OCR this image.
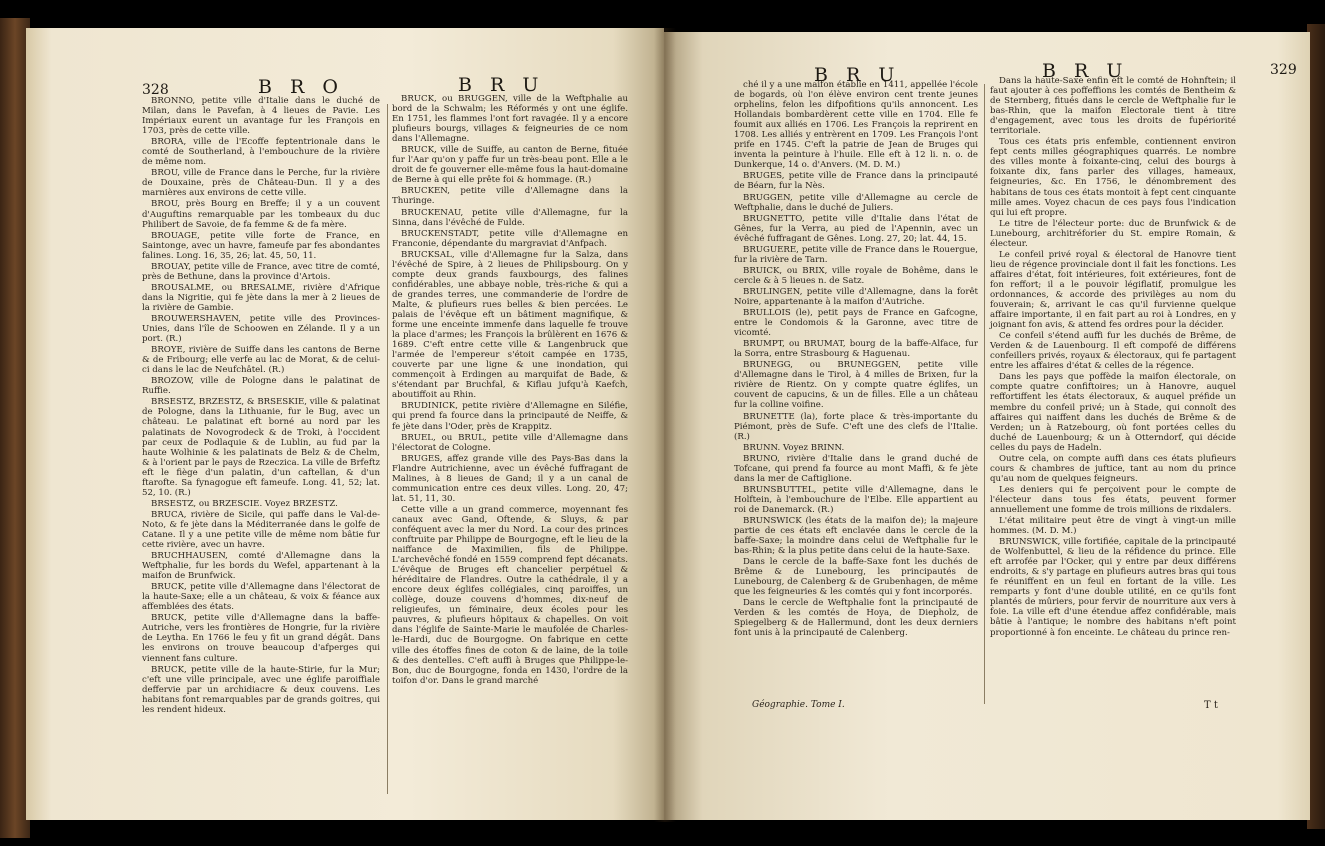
328	B R O	B R U

BRONNO, petite ville d'Italie dans le duché de Milan, dans le Pavefan, à 4 lieues de Pavie. Les Impériaux eurent un avantage fur les François en 1703, près de cette ville.

BRORA, ville de l'Ecoffe feptentrionale dans le comté de Southerland, à l'embouchure de la rivière de même nom.

BROU, ville de France dans le Perche, fur la rivière de Douxaine, près de Château-Dun. Il y a des marnières aux environs de cette ville.

BROU, près Bourg en Breffe; il y a un couvent d'Auguftins remarquable par les tombeaux du duc Philibert de Savoie, de fa femme & de fa mère.

BROUAGE, petite ville forte de France, en Saintonge, avec un havre, fameufe par fes abondantes falines. Long. 16, 35, 26; lat. 45, 50, 11.

BROUAY, petite ville de France, avec titre de comté, près de Bethune, dans la province d'Artois.

BROUSALME, ou BRESALME, rivière d'Afrique dans la Nigritie, qui fe jète dans la mer à 2 lieues de la rivière de Gambie.

BROUWERSHAVEN, petite ville des Provinces-Unies, dans l'île de Schoowen en Zélande. Il y a un port. (R.)

BROYE, rivière de Suiffe dans les cantons de Berne & de Fribourg; elle verfe au lac de Morat, & de celui-ci dans le lac de Neufchâtel. (R.)

BROZOW, ville de Pologne dans le palatinat de Ruffie.

BRSESTZ, BRZESTZ, & BRSESKIE, ville & palatinat de Pologne, dans la Lithuanie, fur le Bug, avec un château. Le palatinat eft borné au nord par les palatinats de Novogrodeck & de Troki, à l'occident par ceux de Podlaquie & de Lublin, au fud par la haute Wolhinie & les palatinats de Belz & de Chelm, & à l'orient par le pays de Rzeczica. La ville de Brfeftz eft le fiège d'un palatin, d'un caftellan, & d'un ftarofte. Sa fynagogue eft fameufe. Long. 41, 52; lat. 52, 10. (R.)

BRSESTZ, ou BRZESCIE. Voyez BRZESTZ.

BRUCA, rivière de Sicile, qui paffe dans le Val-de-Noto, & fe jète dans la Méditerranée dans le golfe de Catane. Il y a une petite ville de même nom bâtie fur cette rivière, avec un havre.

BRUCHHAUSEN, comté d'Allemagne dans la Weftphalie, fur les bords du Wefel, appartenant à la maifon de Brunfwick.

BRUCK, petite ville d'Allemagne dans l'électorat de la haute-Saxe; elle a un château, & voix & féance aux affemblées des états.

BRUCK, petite ville d'Allemagne dans la baffe-Autriche, vers les frontières de Hongrie, fur la rivière de Leytha. En 1766 le feu y fit un grand dégât. Dans les environs on trouve beaucoup d'afperges qui viennent fans culture.

BRUCK, petite ville de la haute-Stirie, fur la Mur; c'eft une ville principale, avec une églife paroiffiale deffervie par un archidiacre & deux couvens. Les habitans font remarquables par de grands goitres, qui les rendent hideux.

BRUCK, ou BRUGGEN, ville de la Weftphalie au bord de la Schwalm; les Réformés y ont une églife. En 1751, les flammes l'ont fort ravagée. Il y a encore plufieurs bourgs, villages & feigneuries de ce nom dans l'Allemagne.

BRUCK, ville de Suiffe, au canton de Berne, fituée fur l'Aar qu'on y paffe fur un très-beau pont. Elle a le droit de fe gouverner elle-même fous la haut-domaine de Berne à qui elle prête foi & hommage. (R.)

BRUCKEN, petite ville d'Allemagne dans la Thuringe.

BRUCKENAU, petite ville d'Allemagne, fur la Sinna, dans l'évêché de Fulde.

BRUCKENSTADT, petite ville d'Allemagne en Franconie, dépendante du margraviat d'Anfpach.

BRUCKSAL, ville d'Allemagne fur la Salza, dans l'évêché de Spire, à 2 lieues de Philipsbourg. On y compte deux grands fauxbourgs, des falines confidérables, une abbaye noble, très-riche & qui a de grandes terres, une commanderie de l'ordre de Malte, & plufieurs rues belles & bien percées. Le palais de l'évêque eft un bâtiment magnifique, & forme une enceinte immenfe dans laquelle fe trouve la place d'armes; les François la brûlèrent en 1676 & 1689. C'eft entre cette ville & Langenbruck que l'armée de l'empereur s'étoit campée en 1735, couverte par une ligne & une inondation, qui commençoit à Erdingen au marquifat de Bade, & s'étendant par Bruchfal, & Kiflau jufqu'à Kaefch, aboutiffoit au Rhin.

BRUDINICK, petite rivière d'Allemagne en Siléfie, qui prend fa fource dans la principauté de Neiffe, & fe jète dans l'Oder, près de Krappitz.

BRUEL, ou BRUL, petite ville d'Allemagne dans l'électorat de Cologne.

BRUGES, affez grande ville des Pays-Bas dans la Flandre Autrichienne, avec un évêché fuffragant de Malines, à 8 lieues de Gand; il y a un canal de communication entre ces deux villes. Long. 20, 47; lat. 51, 11, 30.

Cette ville a un grand commerce, moyennant fes canaux avec Gand, Oftende, & Sluys, & par conféquent avec la mer du Nord. La cour des princes conftruite par Philippe de Bourgogne, eft le lieu de la naiffance de Maximilien, fils de Philippe. L'archevêché fondé en 1559 comprend fept décanats. L'évêque de Bruges eft chancelier perpétuel & héréditaire de Flandres. Outre la cathédrale, il y a encore deux églifes collégiales, cinq paroiffes, un collège, douze couvens d'hommes, dix-neuf de religieufes, un féminaire, deux écoles pour les pauvres, & plufieurs hôpitaux & chapelles. On voit dans l'églife de Sainte-Marie le maufolée de Charles-le-Hardi, duc de Bourgogne. On fabrique en cette ville des étoffes fines de coton & de laine, de la toile & des dentelles. C'eft auffi à Bruges que Philippe-le-Bon, duc de Bourgogne, fonda en 1430, l'ordre de la toifon d'or. Dans le grand marché

B R U	B R U	329

ché il y a une maifon établie en 1411, appellée l'école de bogards, où l'on élève environ cent trente jeunes orphelins, felon les difpofitions qu'ils annoncent. Les Hollandais bombardèrent cette ville en 1704. Elle fe foumit aux alliés en 1706. Les François la reprirent en 1708. Les alliés y entrèrent en 1709. Les François l'ont prife en 1745. C'eft la patrie de Jean de Bruges qui inventa la peinture à l'huile. Elle eft à 12 li. n. o. de Dunkerque, 14 o. d'Anvers. (M. D. M.)

BRUGES, petite ville de France dans la principauté de Béarn, fur la Nès.

BRUGGEN, petite ville d'Allemagne au cercle de Weftphalie, dans le duché de Juliers.

BRUGNETTO, petite ville d'Italie dans l'état de Gênes, fur la Verra, au pied de l'Apennin, avec un évêché fuffragant de Gênes. Long. 27, 20; lat. 44, 15.

BRUGUERE, petite ville de France dans le Rouergue, fur la rivière de Tarn.

BRUICK, ou BRIX, ville royale de Bohême, dans le cercle & à 5 lieues n. de Satz.

BRULINGEN, petite ville d'Allemagne, dans la forêt Noire, appartenante à la maifon d'Autriche.

BRULLOIS (le), petit pays de France en Gafcogne, entre le Condomois & la Garonne, avec titre de vicomté.

BRUMPT, ou BRUMAT, bourg de la baffe-Alface, fur la Sorra, entre Strasbourg & Haguenau.

BRUNEGG, ou BRUNEGGEN, petite ville d'Allemagne dans le Tirol, à 4 milles de Brixen, fur la rivière de Rientz. On y compte quatre églifes, un couvent de capucins, & un de filles. Elle a un château fur la colline voifine.

BRUNETTE (la), forte place & très-importante du Piémont, près de Sufe. C'eft une des clefs de l'Italie. (R.)

BRUNN. Voyez BRINN.

BRUNO, rivière d'Italie dans le grand duché de Tofcane, qui prend fa fource au mont Maffi, & fe jète dans la mer de Caftiglione.

BRUNSBUTTEL, petite ville d'Allemagne, dans le Holftein, à l'embouchure de l'Elbe. Elle appartient au roi de Danemarck. (R.)

BRUNSWICK (les états de la maifon de); la majeure partie de ces états eft enclavée dans le cercle de la baffe-Saxe; la moindre dans celui de Weftphalie fur le bas-Rhin; & la plus petite dans celui de la haute-Saxe.

Dans le cercle de la baffe-Saxe font les duchés de Brême & de Lunebourg, les principautés de Lunebourg, de Calenberg & de Grubenhagen, de même que les feigneuries & les comtés qui y font incorporés.

Dans le cercle de Weftphalie font la principauté de Verden & les comtés de Hoya, de Diepholz, de Spiegelberg & de Hallermund, dont les deux derniers font unis à la principauté de Calenberg.

Dans la haute-Saxe enfin eft le comté de Hohnftein; il faut ajouter à ces poffeffions les comtés de Bentheim & de Sternberg, fitués dans le cercle de Weftphalie fur le bas-Rhin, que la maifon Electorale tient à titre d'engagement, avec tous les droits de fupériorité territoriale.

Tous ces états pris enfemble, contiennent environ fept cents milles géographiques quarrés. Le nombre des villes monte à foixante-cinq, celui des bourgs à foixante dix, fans parler des villages, hameaux, feigneuries, &c. En 1756, le dénombrement des habitans de tous ces états montoit à fept cent cinquante mille ames. Voyez chacun de ces pays fous l'indication qui lui eft propre.

Le titre de l'électeur porte: duc de Brunfwick & de Lunebourg, architréforier du St. empire Romain, & électeur.

Le confeil privé royal & électoral de Hanovre tient lieu de régence provinciale dont il fait les fonctions. Les affaires d'état, foit intérieures, foit extérieures, font de fon reffort; il a le pouvoir légiflatif, promulgue les ordonnances, & accorde des privilèges au nom du fouverain; &, arrivant le cas qu'il furvienne quelque affaire importante, il en fait part au roi à Londres, en y joignant fon avis, & attend fes ordres pour la décider.

Ce confeil s'étend auffi fur les duchés de Brême, de Verden & de Lauenbourg. Il eft compofé de différens confeillers privés, royaux & électoraux, qui fe partagent entre les affaires d'état & celles de la régence.

Dans les pays que poffède la maifon électorale, on compte quatre confiftoires; un à Hanovre, auquel reffortiffent les états électoraux, & auquel préfide un membre du confeil privé; un à Stade, qui connoît des affaires qui naiffent dans les duchés de Brême & de Verden; un à Ratzebourg, où font portées celles du duché de Lauenbourg; & un à Otterndorf, qui décide celles du pays de Hadeln.

Outre cela, on compte auffi dans ces états plufieurs cours & chambres de juftice, tant au nom du prince qu'au nom de quelques feigneurs.

Les deniers qui fe perçoivent pour le compte de l'électeur dans tous fes états, peuvent former annuellement une fomme de trois millions de rixdalers.

L'état militaire peut être de vingt à vingt-un mille hommes. (M. D. M.)

BRUNSWICK, ville fortifiée, capitale de la principauté de Wolfenbuttel, & lieu de la réfidence du prince. Elle eft arrofée par l'Ocker, qui y entre par deux différens endroits, & s'y partage en plufieurs autres bras qui tous fe réuniffent en un feul en fortant de la ville. Les remparts y font d'une double utilité, en ce qu'ils font plantés de mûriers, pour fervir de nourriture aux vers à foie. La ville eft d'une étendue affez confidérable, mais bâtie à l'antique; le nombre des habitans n'eft point proportionné à fon enceinte. Le château du prince ren-

Géographie. Tome I.	T t
